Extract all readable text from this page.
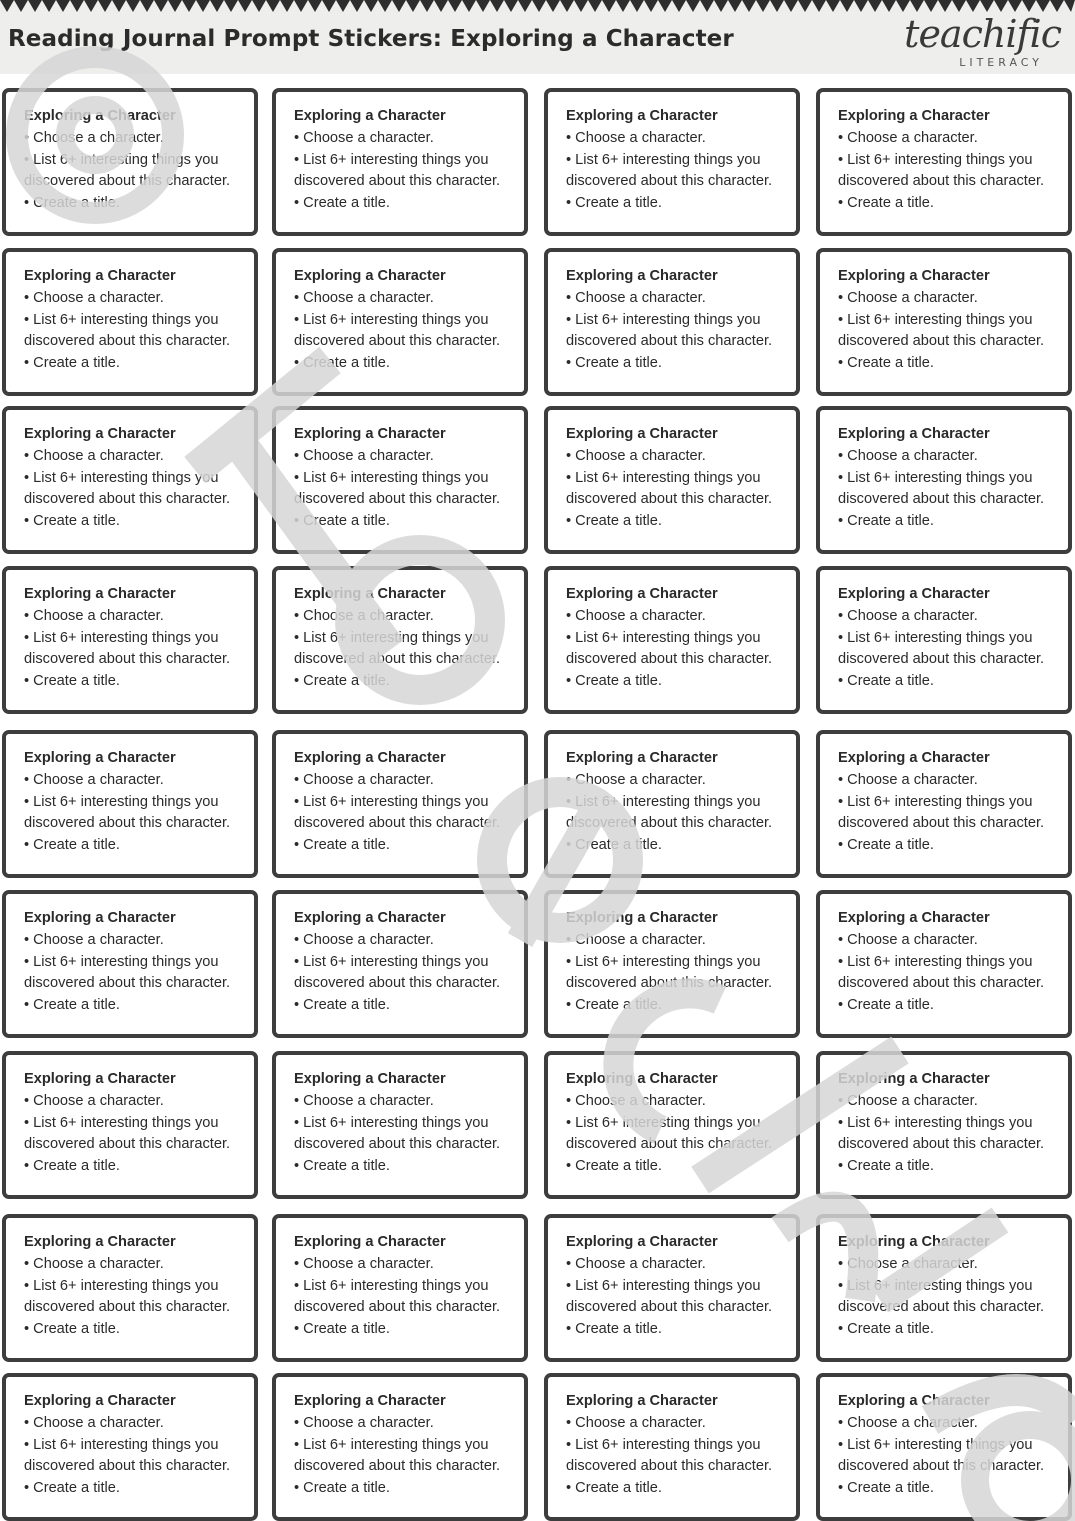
Reading Journal Prompt Stickers: Exploring a Character	teachific
LITERACY
Exploring a Character
• Choose a character.
• List 6+ interesting things you
discovered about this character.
• Create a title.
Exploring a Character
• Choose a character.
• List 6+ interesting things you
discovered about this character.
• Create a title.
Exploring a Character
• Choose a character.
• List 6+ interesting things you
discovered about this character.
• Create a title.
Exploring a Character
• Choose a character.
• List 6+ interesting things you
discovered about this character.
• Create a title.
Exploring a Character
• Choose a character.
• List 6+ interesting things you
discovered about this character.
• Create a title.
Exploring a Character
• Choose a character.
• List 6+ interesting things you
discovered about this character.
• Create a title.
Exploring a Character
• Choose a character.
• List 6+ interesting things you
discovered about this character.
• Create a title.
Exploring a Character
• Choose a character.
• List 6+ interesting things you
discovered about this character.
• Create a title.
Exploring a Character
• Choose a character.
• List 6+ interesting things you
discovered about this character.
• Create a title.
Exploring a Character
• Choose a character.
• List 6+ interesting things you
discovered about this character.
• Create a title.
Exploring a Character
• Choose a character.
• List 6+ interesting things you
discovered about this character.
• Create a title.
Exploring a Character
• Choose a character.
• List 6+ interesting things you
discovered about this character.
• Create a title.
Exploring a Character
• Choose a character.
• List 6+ interesting things you
discovered about this character.
• Create a title.
Exploring a Character
• Choose a character.
• List 6+ interesting things you
discovered about this character.
• Create a title.
Exploring a Character
• Choose a character.
• List 6+ interesting things you
discovered about this character.
• Create a title.
Exploring a Character
• Choose a character.
• List 6+ interesting things you
discovered about this character.
• Create a title.
Exploring a Character
• Choose a character.
• List 6+ interesting things you
discovered about this character.
• Create a title.
Exploring a Character
• Choose a character.
• List 6+ interesting things you
discovered about this character.
• Create a title.
Exploring a Character
• Choose a character.
• List 6+ interesting things you
discovered about this character.
• Create a title.
Exploring a Character
• Choose a character.
• List 6+ interesting things you
discovered about this character.
• Create a title.
Exploring a Character
• Choose a character.
• List 6+ interesting things you
discovered about this character.
• Create a title.
Exploring a Character
• Choose a character.
• List 6+ interesting things you
discovered about this character.
• Create a title.
Exploring a Character
• Choose a character.
• List 6+ interesting things you
discovered about this character.
• Create a title.
Exploring a Character
• Choose a character.
• List 6+ interesting things you
discovered about this character.
• Create a title.
Exploring a Character
• Choose a character.
• List 6+ interesting things you
discovered about this character.
• Create a title.
Exploring a Character
• Choose a character.
• List 6+ interesting things you
discovered about this character.
• Create a title.
Exploring a Character
• Choose a character.
• List 6+ interesting things you
discovered about this character.
• Create a title.
Exploring a Character
• Choose a character.
• List 6+ interesting things you
discovered about this character.
• Create a title.
Exploring a Character
• Choose a character.
• List 6+ interesting things you
discovered about this character.
• Create a title.
Exploring a Character
• Choose a character.
• List 6+ interesting things you
discovered about this character.
• Create a title.
Exploring a Character
• Choose a character.
• List 6+ interesting things you
discovered about this character.
• Create a title.
Exploring a Character
• Choose a character.
• List 6+ interesting things you
discovered about this character.
• Create a title.
Exploring a Character
• Choose a character.
• List 6+ interesting things you
discovered about this character.
• Create a title.
Exploring a Character
• Choose a character.
• List 6+ interesting things you
discovered about this character.
• Create a title.
Exploring a Character
• Choose a character.
• List 6+ interesting things you
discovered about this character.
• Create a title.
Exploring a Character
• Choose a character.
• List 6+ interesting things you
discovered about this character.
• Create a title.
